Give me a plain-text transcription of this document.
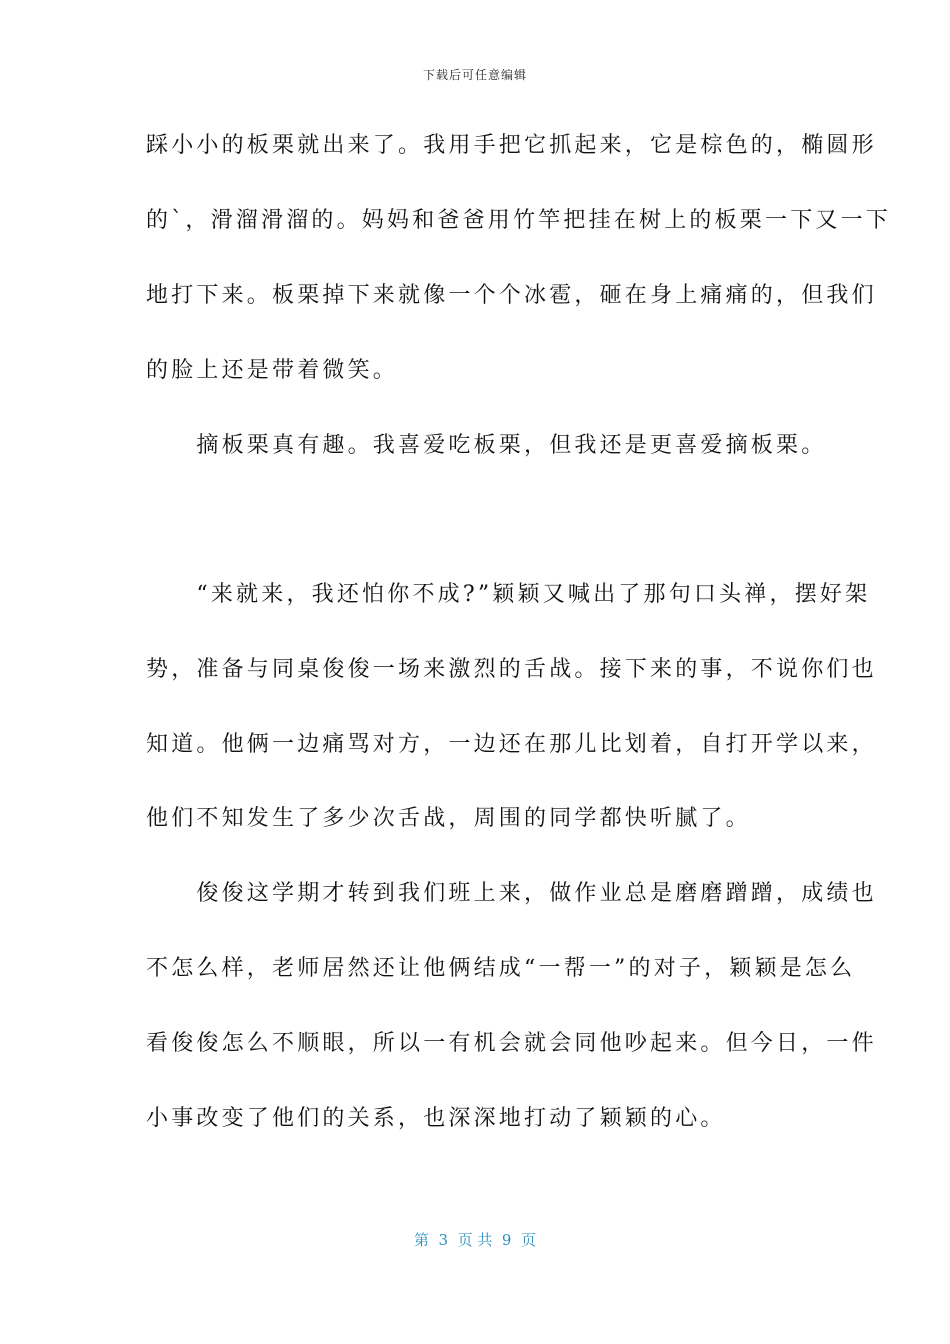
下载后可任意编辑
踩小小的板栗就出来了。我用手把它抓起来，它是棕色的，椭圆形
的`，滑溜滑溜的。妈妈和爸爸用竹竿把挂在树上的板栗一下又一下
地打下来。板栗掉下来就像一个个冰雹，砸在身上痛痛的，但我们
的脸上还是带着微笑。
　　摘板栗真有趣。我喜爱吃板栗，但我还是更喜爱摘板栗。
　　“来就来，我还怕你不成?”颖颖又喊出了那句口头禅，摆好架
势，准备与同桌俊俊一场来激烈的舌战。接下来的事，不说你们也
知道。他俩一边痛骂对方，一边还在那儿比划着，自打开学以来，
他们不知发生了多少次舌战，周围的同学都快听腻了。
　　俊俊这学期才转到我们班上来，做作业总是磨磨蹭蹭，成绩也
不怎么样，老师居然还让他俩结成“一帮一”的对子，颖颖是怎么
看俊俊怎么不顺眼，所以一有机会就会同他吵起来。但今日，一件
小事改变了他们的关系，也深深地打动了颖颖的心。
第  3  页 共  9  页
